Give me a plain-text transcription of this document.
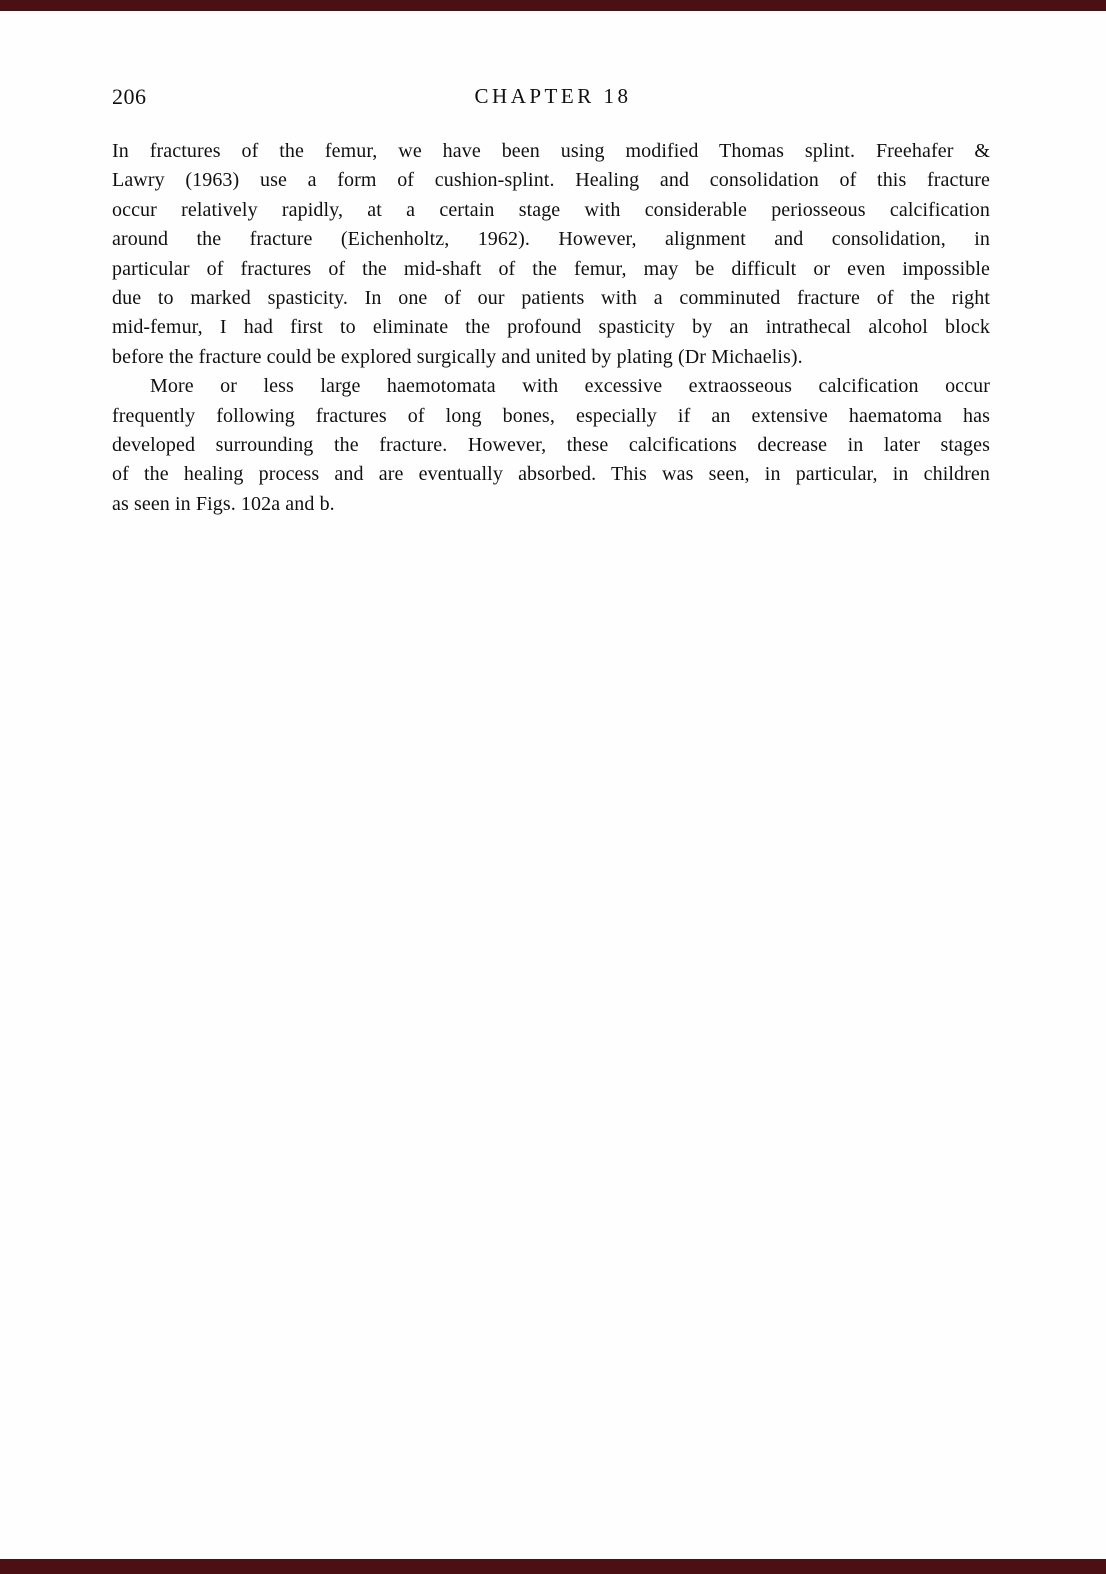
206	CHAPTER 18
In fractures of the femur, we have been using modified Thomas splint. Freehafer &
Lawry (1963) use a form of cushion-splint. Healing and consolidation of this fracture
occur relatively rapidly, at a certain stage with considerable periosseous calcification
around the fracture (Eichenholtz, 1962). However, alignment and consolidation, in
particular of fractures of the mid-shaft of the femur, may be difficult or even impossible
due to marked spasticity. In one of our patients with a comminuted fracture of the right
mid-femur, I had first to eliminate the profound spasticity by an intrathecal alcohol block
before the fracture could be explored surgically and united by plating (Dr Michaelis).
More or less large haemotomata with excessive extraosseous calcification occur
frequently following fractures of long bones, especially if an extensive haematoma has
developed surrounding the fracture. However, these calcifications decrease in later stages
of the healing process and are eventually absorbed. This was seen, in particular, in children
as seen in Figs. 102a and b.
